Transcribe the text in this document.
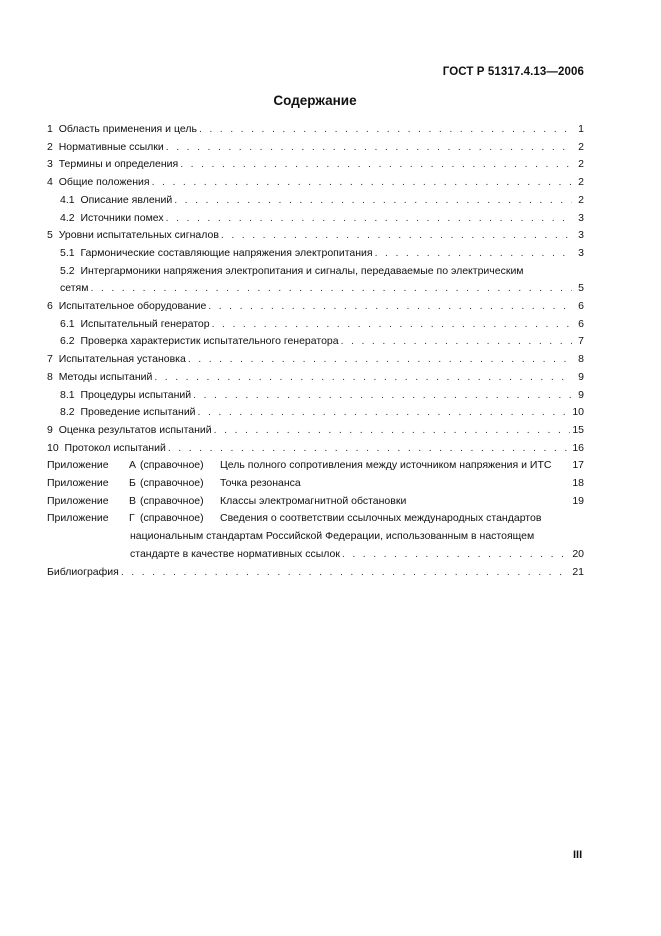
ГОСТ Р 51317.4.13—2006
Содержание
1 Область применения и цель . . .	1
2 Нормативные ссылки . . .	2
3 Термины и определения . . .	2
4 Общие положения . . .	2
4.1 Описание явлений . . .	2
4.2 Источники помех . . .	3
5 Уровни испытательных сигналов . . .	3
5.1 Гармонические составляющие напряжения электропитания . . .	3
5.2 Интергармоники напряжения электропитания и сигналы, передаваемые по электрическим
сетям . . .	5
6 Испытательное оборудование . . .	6
6.1 Испытательный генератор . . .	6
6.2 Проверка характеристик испытательного генератора . . .	7
7 Испытательная установка . . .	8
8 Методы испытаний . . .	9
8.1 Процедуры испытаний . . .	9
8.2 Проведение испытаний . . .	10
9 Оценка результатов испытаний . . .	15
10 Протокол испытаний . . .	16
Приложение	А (справочное)	Цель полного сопротивления между источником напряжения и ИТС 17
Приложение	Б (справочное)	Точка резонанса	18
Приложение	В (справочное)	Классы электромагнитной обстановки	19
Приложение	Г (справочное)	Сведения о соответствии ссылочных международных стандартов
национальным стандартам Российской Федерации, использованным в настоящем
стандарте в качестве нормативных ссылок . . .	20
Библиография . . .	21
III
